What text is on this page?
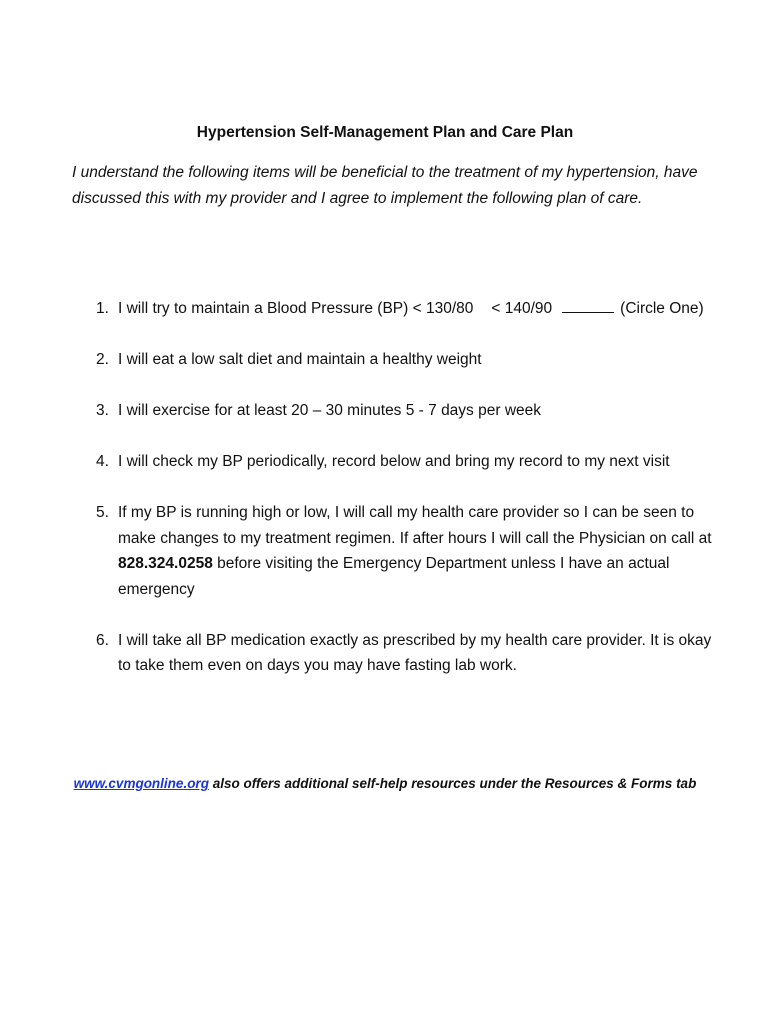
Hypertension Self-Management Plan and Care Plan
I understand the following items will be beneficial to the treatment of my hypertension, have discussed this with my provider and I agree to implement the following plan of care.
1. I will try to maintain a Blood Pressure (BP) < 130/80 < 140/90	(Circle One)
2. I will eat a low salt diet and maintain a healthy weight
3. I will exercise for at least 20 – 30 minutes 5 - 7 days per week
4. I will check my BP periodically, record below and bring my record to my next visit
5. If my BP is running high or low, I will call my health care provider so I can be seen to make changes to my treatment regimen. If after hours I will call the Physician on call at 828.324.0258 before visiting the Emergency Department unless I have an actual emergency
6. I will take all BP medication exactly as prescribed by my health care provider. It is okay to take them even on days you may have fasting lab work.
www.cvmgonline.org also offers additional self-help resources under the Resources & Forms tab
